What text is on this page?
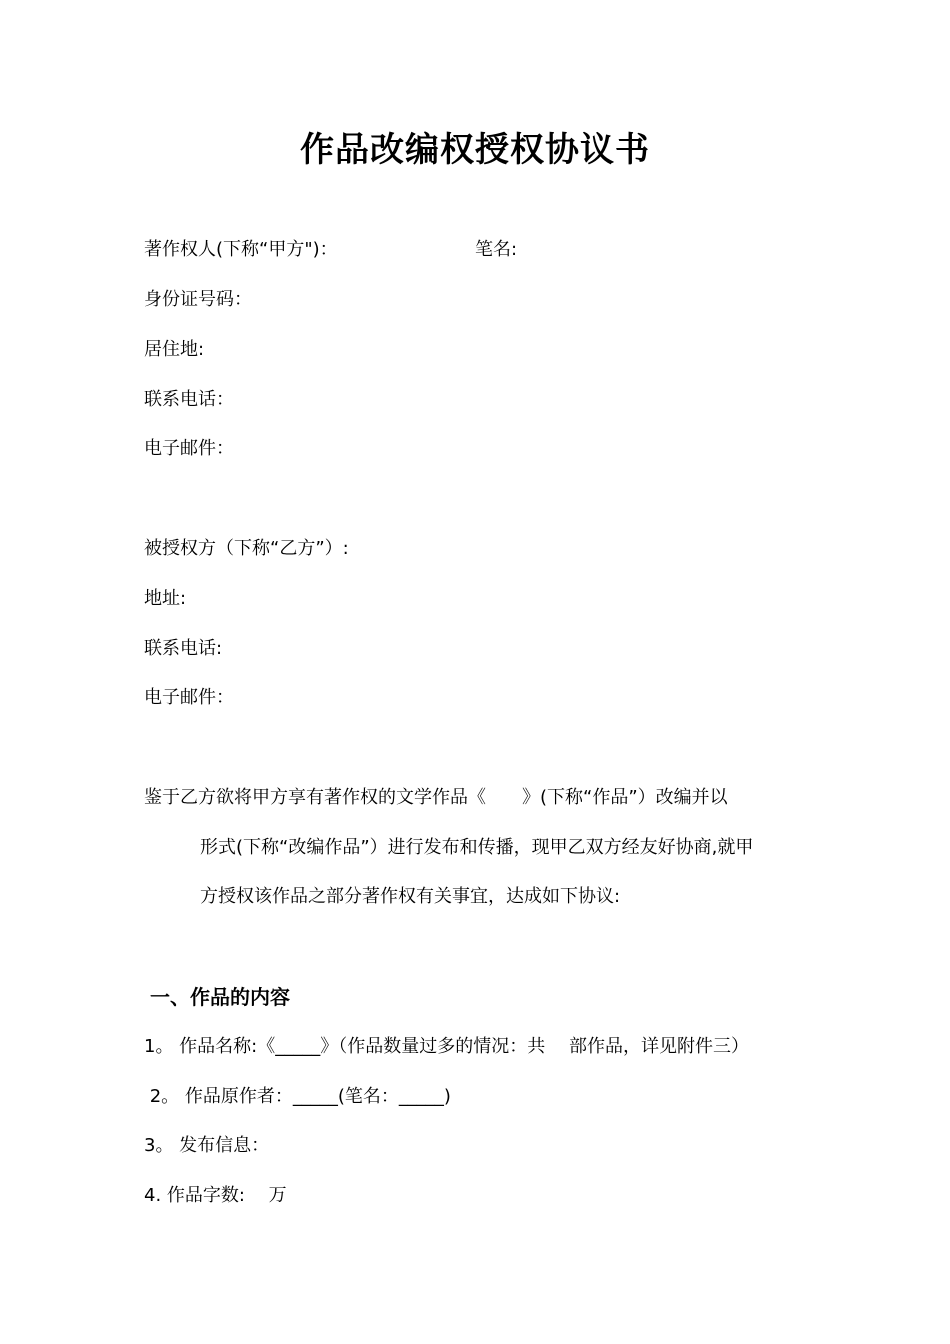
作品改编权授权协议书
著作权人(下称“甲方")：	笔名:
身份证号码：
居住地:
联系电话：
电子邮件：
被授权方（下称“乙方”）:
地址:
联系电话:
电子邮件：
鉴于乙方欲将甲方享有著作权的文学作品《　　》(下称“作品”）改编并以
形式(下称“改编作品”）进行发布和传播，现甲乙双方经友好协商,就甲
方授权该作品之部分著作权有关事宜，达成如下协议:
一、作品的内容
1。 作品名称:《_____》（作品数量过多的情况：共　 部作品，详见附件三）
2。 作品原作者：_____(笔名：_____)
3。 发布信息：
4. 作品字数:　 万
